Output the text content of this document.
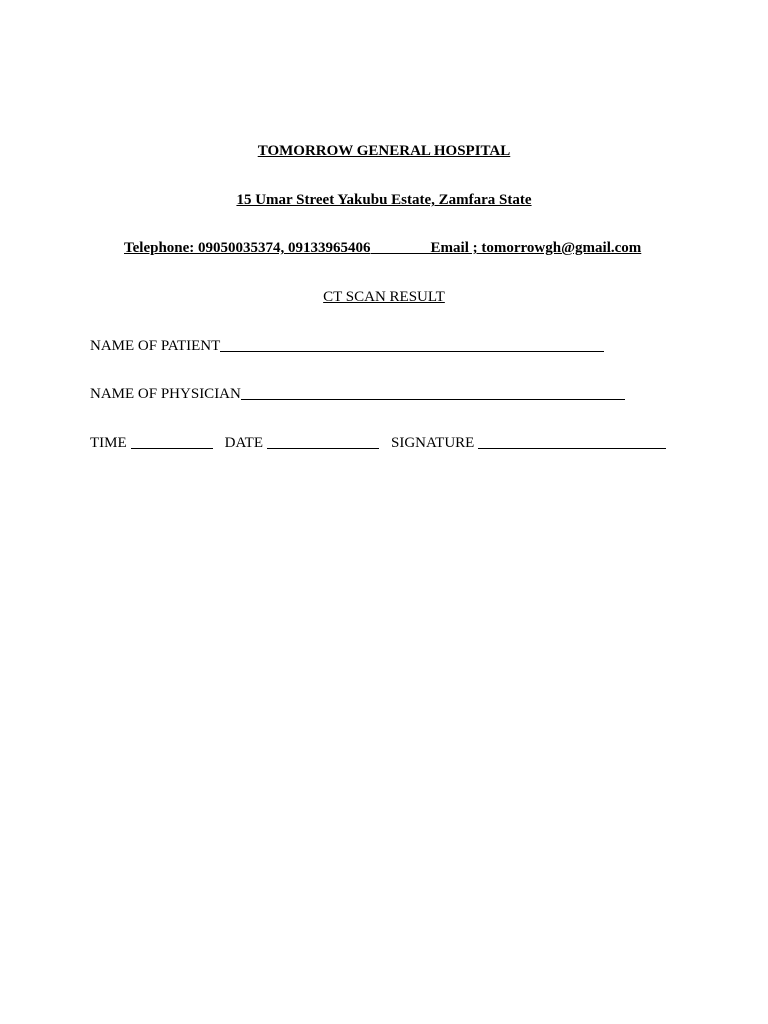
TOMORROW GENERAL HOSPITAL
15 Umar Street Yakubu Estate, Zamfara State
Telephone: 09050035374, 09133965406	Email ; tomorrowgh@gmail.com
CT SCAN RESULT
NAME OF PATIENT
NAME OF PHYSICIAN
TIME	DATE	SIGNATURE
